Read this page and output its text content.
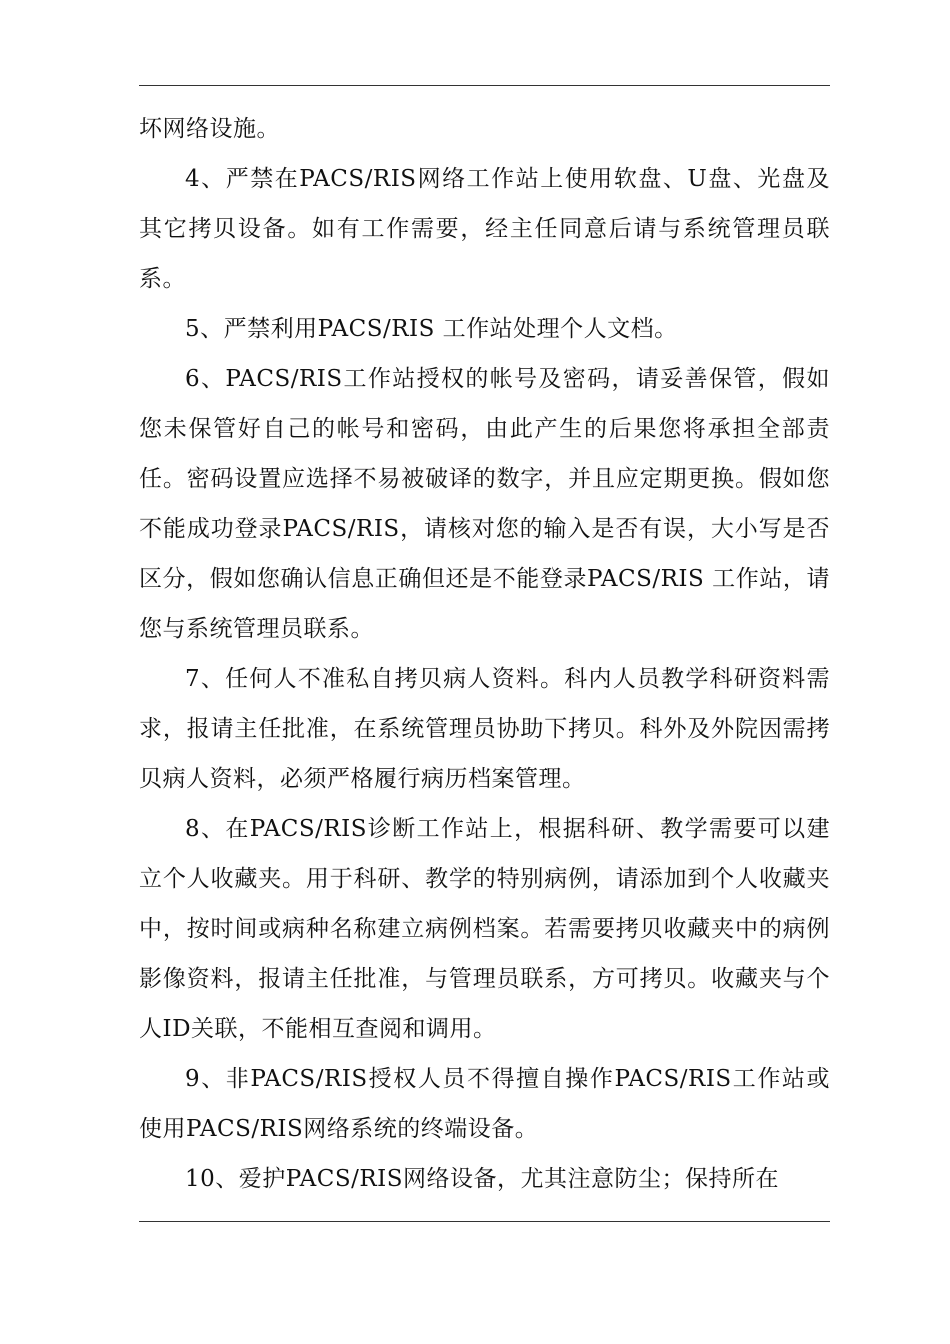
坏网络设施。

4、严禁在PACS/RIS网络工作站上使用软盘、U盘、光盘及其它拷贝设备。如有工作需要，经主任同意后请与系统管理员联系。

5、严禁利用PACS/RIS 工作站处理个人文档。

6、PACS/RIS工作站授权的帐号及密码，请妥善保管，假如您未保管好自己的帐号和密码，由此产生的后果您将承担全部责任。密码设置应选择不易被破译的数字，并且应定期更换。假如您不能成功登录PACS/RIS，请核对您的输入是否有误，大小写是否区分，假如您确认信息正确但还是不能登录PACS/RIS 工作站，请您与系统管理员联系。

7、任何人不准私自拷贝病人资料。科内人员教学科研资料需求，报请主任批准，在系统管理员协助下拷贝。科外及外院因需拷贝病人资料，必须严格履行病历档案管理。

8、在PACS/RIS诊断工作站上，根据科研、教学需要可以建立个人收藏夹。用于科研、教学的特别病例，请添加到个人收藏夹中，按时间或病种名称建立病例档案。若需要拷贝收藏夹中的病例影像资料，报请主任批准，与管理员联系，方可拷贝。收藏夹与个人ID关联，不能相互查阅和调用。

9、非PACS/RIS授权人员不得擅自操作PACS/RIS工作站或使用PACS/RIS网络系统的终端设备。

10、爱护PACS/RIS网络设备，尤其注意防尘；保持所在
